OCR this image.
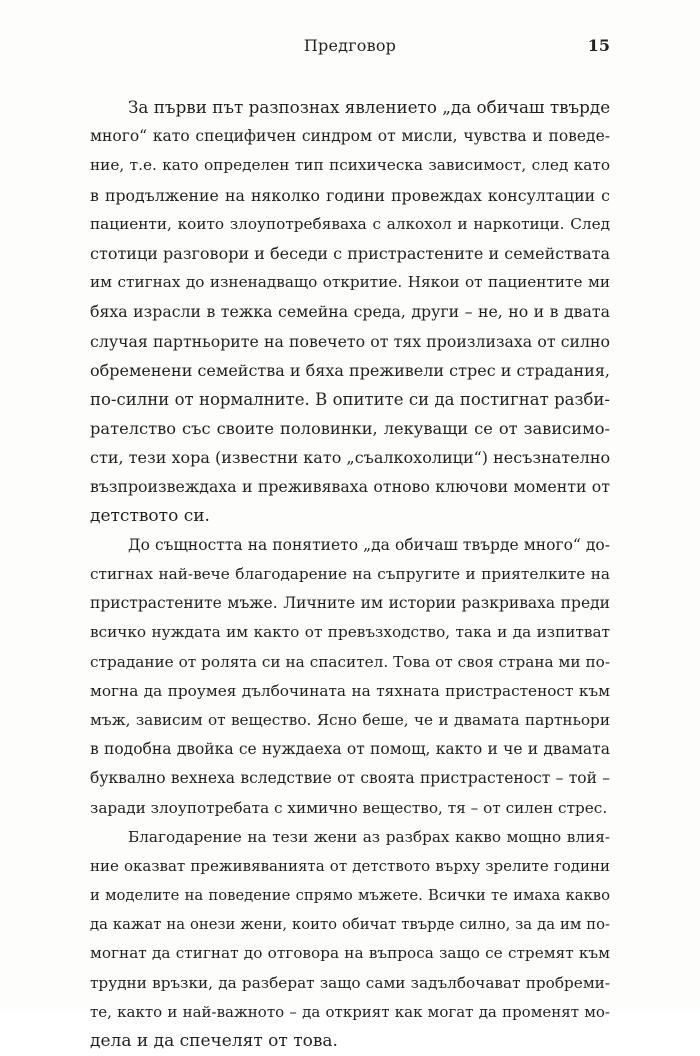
Предговор	15
За първи път разпознах явлението „да обичаш твърде
много“ като специфичен синдром от мисли, чувства и поведе-
ние, т.е. като определен тип психическа зависимост, след като
в продължение на няколко години провеждах консултации с
пациенти, които злоупотребяваха с алкохол и наркотици. След
стотици разговори и беседи с пристрастените и семействата
им стигнах до изненадващо откритие. Някои от пациентите ми
бяха израсли в тежка семейна среда, други – не, но и в двата
случая партньорите на повечето от тях произлизаха от силно
обременени семейства и бяха преживели стрес и страдания,
по-силни от нормалните. В опитите си да постигнат разби-
рателство със своите половинки, лекуващи се от зависимо-
сти, тези хора (известни като „съалкохолици“) несъзнателно
възпроизвеждаха и преживяваха отново ключови моменти от
детството си.
До същността на понятието „да обичаш твърде много“ до-
стигнах най-вече благодарение на съпругите и приятелките на
пристрастените мъже. Личните им истории разкриваха преди
всичко нуждата им както от превъзходство, така и да изпитват
страдание от ролята си на спасител. Това от своя страна ми по-
могна да проумея дълбочината на тяхната пристрастеност към
мъж, зависим от вещество. Ясно беше, че и двамата партньори
в подобна двойка се нуждаеха от помощ, както и че и двамата
буквално вехнеха вследствие от своята пристрастеност – той –
заради злоупотребата с химично вещество, тя – от силен стрес.
Благодарение на тези жени аз разбрах какво мощно влия-
ние оказват преживяванията от детството върху зрелите години
и моделите на поведение спрямо мъжете. Всички те имаха какво
да кажат на онези жени, които обичат твърде силно, за да им по-
могнат да стигнат до отговора на въпроса защо се стремят към
трудни връзки, да разберат защо сами задълбочават пробреми-
те, както и най-важното – да открият как могат да променят мо-
дела и да спечелят от това.
